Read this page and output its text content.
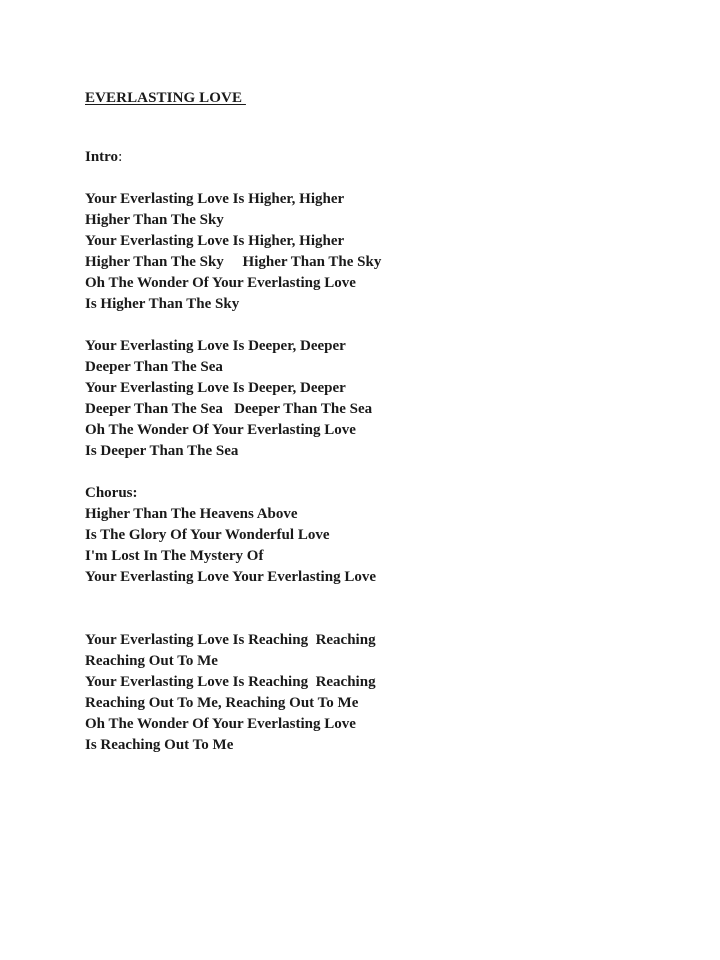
EVERLASTING LOVE
Intro:
Your Everlasting Love Is Higher, Higher
Higher Than The Sky
Your Everlasting Love Is Higher, Higher
Higher Than The Sky     Higher Than The Sky
Oh The Wonder Of Your Everlasting Love
Is Higher Than The Sky
Your Everlasting Love Is Deeper, Deeper
Deeper Than The Sea
Your Everlasting Love Is Deeper, Deeper
Deeper Than The Sea   Deeper Than The Sea
Oh The Wonder Of Your Everlasting Love
Is Deeper Than The Sea
Chorus:
Higher Than The Heavens Above
Is The Glory Of Your Wonderful Love
I'm Lost In The Mystery Of
Your Everlasting Love Your Everlasting Love
Your Everlasting Love Is Reaching  Reaching
Reaching Out To Me
Your Everlasting Love Is Reaching  Reaching
Reaching Out To Me, Reaching Out To Me
Oh The Wonder Of Your Everlasting Love
Is Reaching Out To Me
